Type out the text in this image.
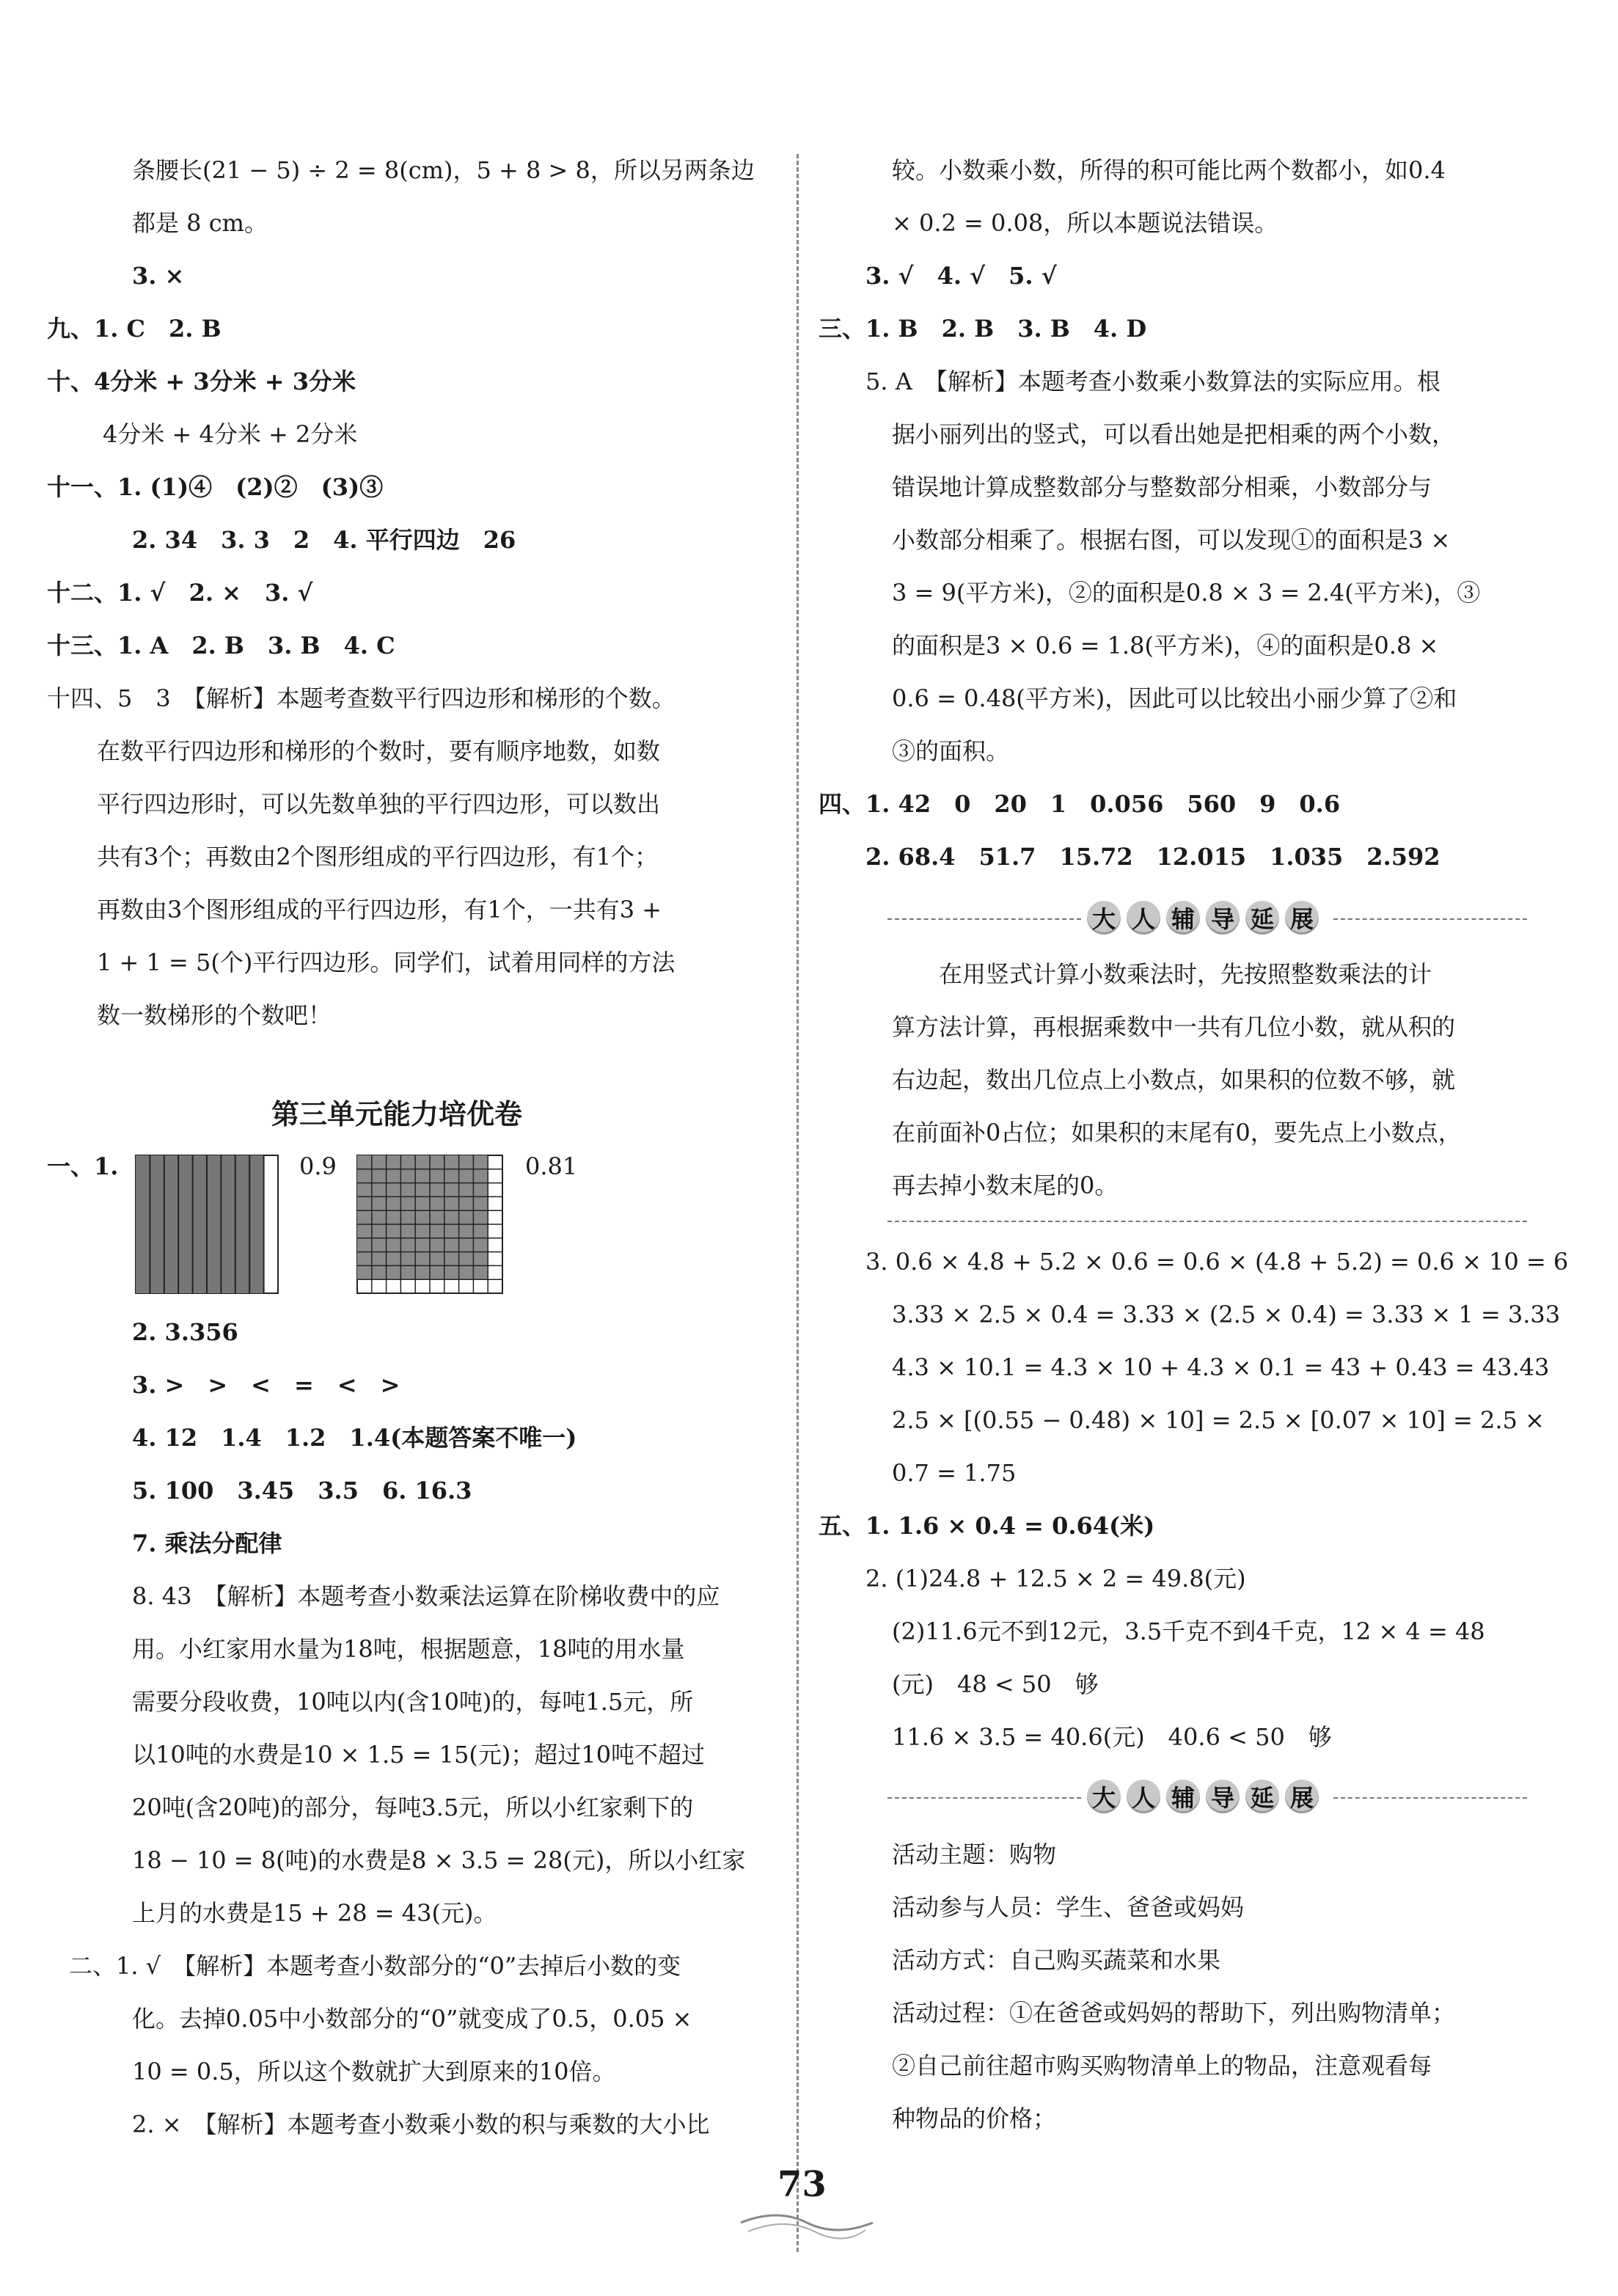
条腰长(21 − 5) ÷ 2 = 8(cm)，5 + 8 > 8，所以另两条边
都是 8 cm。
3. ×
九、1. C　2. B
十、4分米 + 3分米 + 3分米
4分米 + 4分米 + 2分米
十一、1. (1)④　(2)②　(3)③
2. 34　3. 3　2　4. 平行四边　26
十二、1. √　2. ×　3. √
十三、1. A　2. B　3. B　4. C
十四、5　3　【解析】本题考查数平行四边形和梯形的个数。
在数平行四边形和梯形的个数时，要有顺序地数，如数
平行四边形时，可以先数单独的平行四边形，可以数出
共有3个；再数由2个图形组成的平行四边形，有1个；
再数由3个图形组成的平行四边形，有1个，一共有3 +
1 + 1 = 5(个)平行四边形。同学们，试着用同样的方法
数一数梯形的个数吧！
第三单元能力培优卷
一、1.	0.9	0.81
2. 3.356
3. >　>　<　=　<　>
4. 12　1.4　1.2　1.4(本题答案不唯一)
5. 100　3.45　3.5　6. 16.3
7. 乘法分配律
8. 43　【解析】本题考查小数乘法运算在阶梯收费中的应
用。小红家用水量为18吨，根据题意，18吨的用水量
需要分段收费，10吨以内(含10吨)的，每吨1.5元，所
以10吨的水费是10 × 1.5 = 15(元)；超过10吨不超过
20吨(含20吨)的部分，每吨3.5元，所以小红家剩下的
18 − 10 = 8(吨)的水费是8 × 3.5 = 28(元)，所以小红家
上月的水费是15 + 28 = 43(元)。
二、1. √　【解析】本题考查小数部分的“0”去掉后小数的变
化。去掉0.05中小数部分的“0”就变成了0.5，0.05 ×
10 = 0.5，所以这个数就扩大到原来的10倍。
2. ×　【解析】本题考查小数乘小数的积与乘数的大小比
较。小数乘小数，所得的积可能比两个数都小，如0.4
× 0.2 = 0.08，所以本题说法错误。
3. √　4. √　5. √
三、1. B　2. B　3. B　4. D
5. A　【解析】本题考查小数乘小数算法的实际应用。根
据小丽列出的竖式，可以看出她是把相乘的两个小数，
错误地计算成整数部分与整数部分相乘，小数部分与
小数部分相乘了。根据右图，可以发现①的面积是3 ×
3 = 9(平方米)，②的面积是0.8 × 3 = 2.4(平方米)，③
的面积是3 × 0.6 = 1.8(平方米)，④的面积是0.8 ×
0.6 = 0.48(平方米)，因此可以比较出小丽少算了②和
③的面积。
四、1. 42　0　20　1　0.056　560　9　0.6
2. 68.4　51.7　15.72　12.015　1.035　2.592
大 人 辅 导 延 展
在用竖式计算小数乘法时，先按照整数乘法的计
算方法计算，再根据乘数中一共有几位小数，就从积的
右边起，数出几位点上小数点，如果积的位数不够，就
在前面补0占位；如果积的末尾有0，要先点上小数点，
再去掉小数末尾的0。
3. 0.6 × 4.8 + 5.2 × 0.6 = 0.6 × (4.8 + 5.2) = 0.6 × 10 = 6
3.33 × 2.5 × 0.4 = 3.33 × (2.5 × 0.4) = 3.33 × 1 = 3.33
4.3 × 10.1 = 4.3 × 10 + 4.3 × 0.1 = 43 + 0.43 = 43.43
2.5 × [(0.55 − 0.48) × 10] = 2.5 × [0.07 × 10] = 2.5 ×
0.7 = 1.75
五、1. 1.6 × 0.4 = 0.64(米)
2. (1)24.8 + 12.5 × 2 = 49.8(元)
(2)11.6元不到12元，3.5千克不到4千克，12 × 4 = 48
(元)　48 < 50　够
11.6 × 3.5 = 40.6(元)　40.6 < 50　够
大 人 辅 导 延 展
活动主题：购物
活动参与人员：学生、爸爸或妈妈
活动方式：自己购买蔬菜和水果
活动过程：①在爸爸或妈妈的帮助下，列出购物清单；
②自己前往超市购买购物清单上的物品，注意观看每
种物品的价格；
73
